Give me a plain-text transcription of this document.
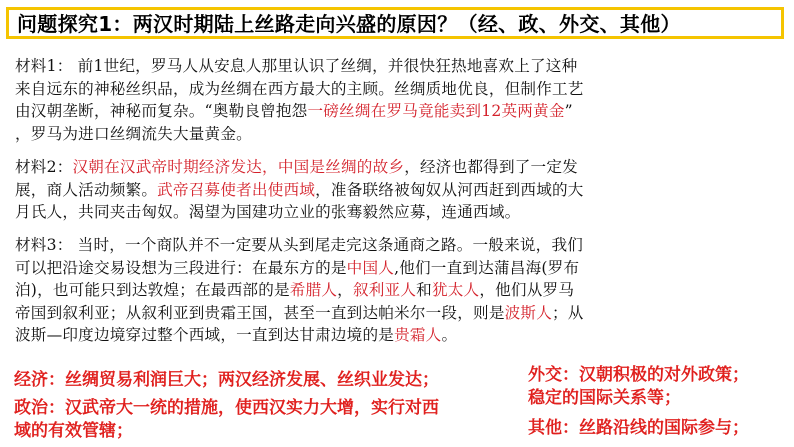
问题探究1：两汉时期陆上丝路走向兴盛的原因？（经、政、外交、其他）
材料1： 前1世纪，罗马人从安息人那里认识了丝绸，并很快狂热地喜欢上了这种
来自远东的神秘丝织品，成为丝绸在西方最大的主顾。丝绸质地优良，但制作工艺
由汉朝垄断，神秘而复杂。“奥勒良曾抱怨一磅丝绸在罗马竟能卖到12英两黄金”
，罗马为进口丝绸流失大量黄金。
材料2：汉朝在汉武帝时期经济发达，中国是丝绸的故乡，经济也都得到了一定发
展，商人活动频繁。武帝召募使者出使西域，准备联络被匈奴从河西赶到西域的大
月氏人，共同夹击匈奴。渴望为国建功立业的张骞毅然应募，连通西域。
材料3： 当时，一个商队并不一定要从头到尾走完这条通商之路。一般来说，我们
可以把沿途交易设想为三段进行：在最东方的是中国人,他们一直到达蒲昌海(罗布
泊)，也可能只到达敦煌；在最西部的是希腊人，叙利亚人和犹太人，他们从罗马
帝国到叙利亚；从叙利亚到贵霜王国，甚至一直到达帕米尔一段，则是波斯人；从
波斯—印度边境穿过整个西域，一直到达甘肃边境的是贵霜人。
经济：丝绸贸易利润巨大；两汉经济发展、丝织业发达；
政治：汉武帝大一统的措施，使西汉实力大增，实行对西
域的有效管辖；
外交：汉朝积极的对外政策；
稳定的国际关系等；
其他：丝路沿线的国际参与；
